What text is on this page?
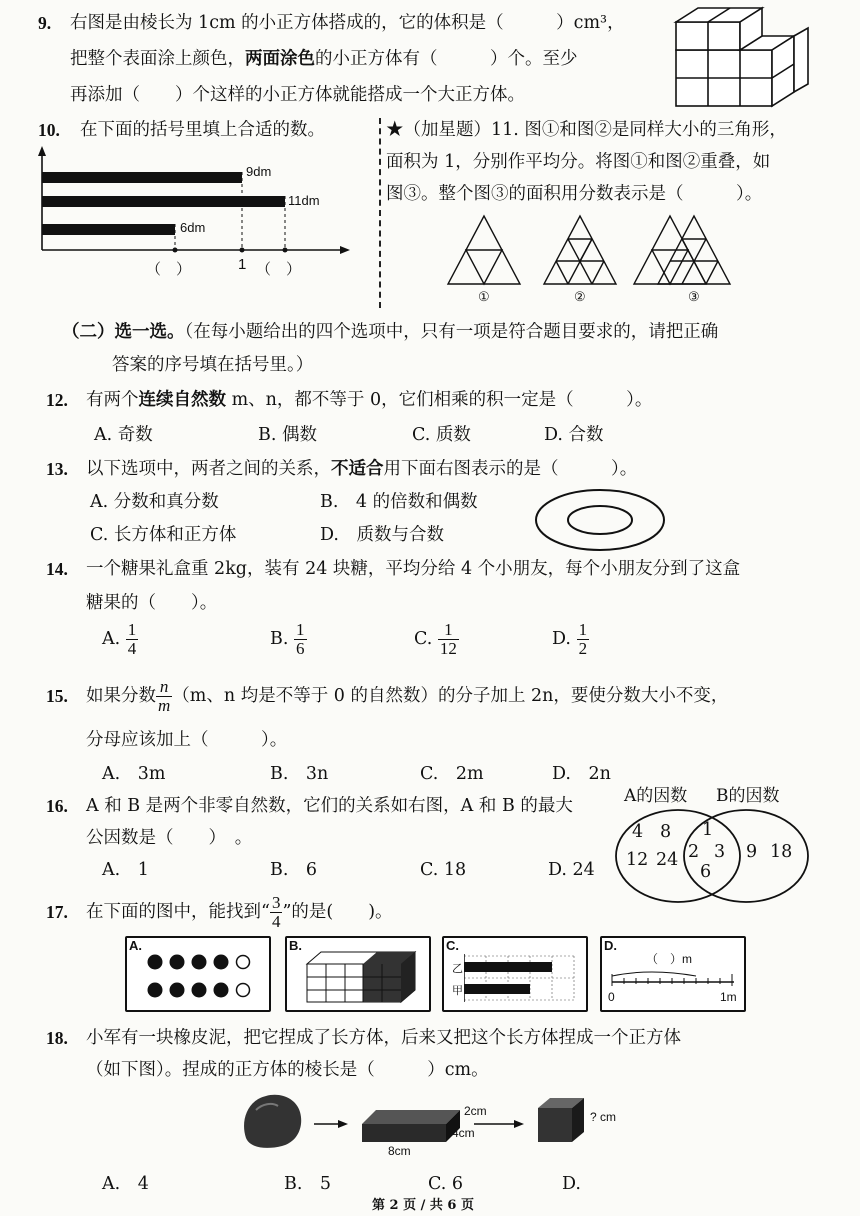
9. 右图是由棱长为 1cm 的小正方体搭成的，它的体积是（　　　）cm³，
把整个表面涂上颜色，两面涂色的小正方体有（　　　）个。至少
再添加（　　）个这样的小正方体就能搭成一个大正方体。
10. 在下面的括号里填上合适的数。
9dm
11dm
6dm
（　）	1 （　）
★（加星题）11. 图①和图②是同样大小的三角形，
面积为 1，分别作平均分。将图①和图②重叠，如
图③。整个图③的面积用分数表示是（　　　）。
①	②	③
（二）选一选。（在每小题给出的四个选项中，只有一项是符合题目要求的，请把正确
答案的序号填在括号里。）
12. 有两个连续自然数 m、n，都不等于 0，它们相乘的积一定是（　　　）。
A. 奇数	B. 偶数	C. 质数	D. 合数
13. 以下选项中，两者之间的关系，不适合用下面右图表示的是（　　　）。
A. 分数和真分数	B.　4 的倍数和偶数
C. 长方体和正方体	D.　质数与合数
14. 一个糖果礼盒重 2kg，装有 24 块糖，平均分给 4 个小朋友，每个小朋友分到了这盒
糖果的（　　）。
A. $\frac{1}{4}$	B. $\frac{1}{6}$	C. $\frac{1}{12}$	D. $\frac{1}{2}$
15. 如果分数 $\frac{n}{m} (m$、n 均是不等于 0 的自然数）的分子加上 2n，要使分数大小不变，
分母应该加上（　　　）。
A.　3m	B.　3n	C.　2m	D.　2n
16. A 和 B 是两个非零自然数，它们的关系如右图，A 和 B 的最大
公因数是（　　）　。
A.　1	B.　6	C. 18	D. 24
A的因数 B的因数
4 8
12 24
1
2 3
6
9 18
17. 在下面的图中，能找到“ $\frac{3}{4}$ ”的是(　　)。
A.	B.	C.
乙
甲
D.
（　）m
0	1m
18. 小军有一块橡皮泥，把它捏成了长方体，后来又把这个长方体捏成一个正方体
（如下图）。捏成的正方体的棱长是（　　　）cm。
2cm
4cm
8cm
? cm
A.　4	B.　5	C. 6	D.
第 2 页 / 共 6 页
